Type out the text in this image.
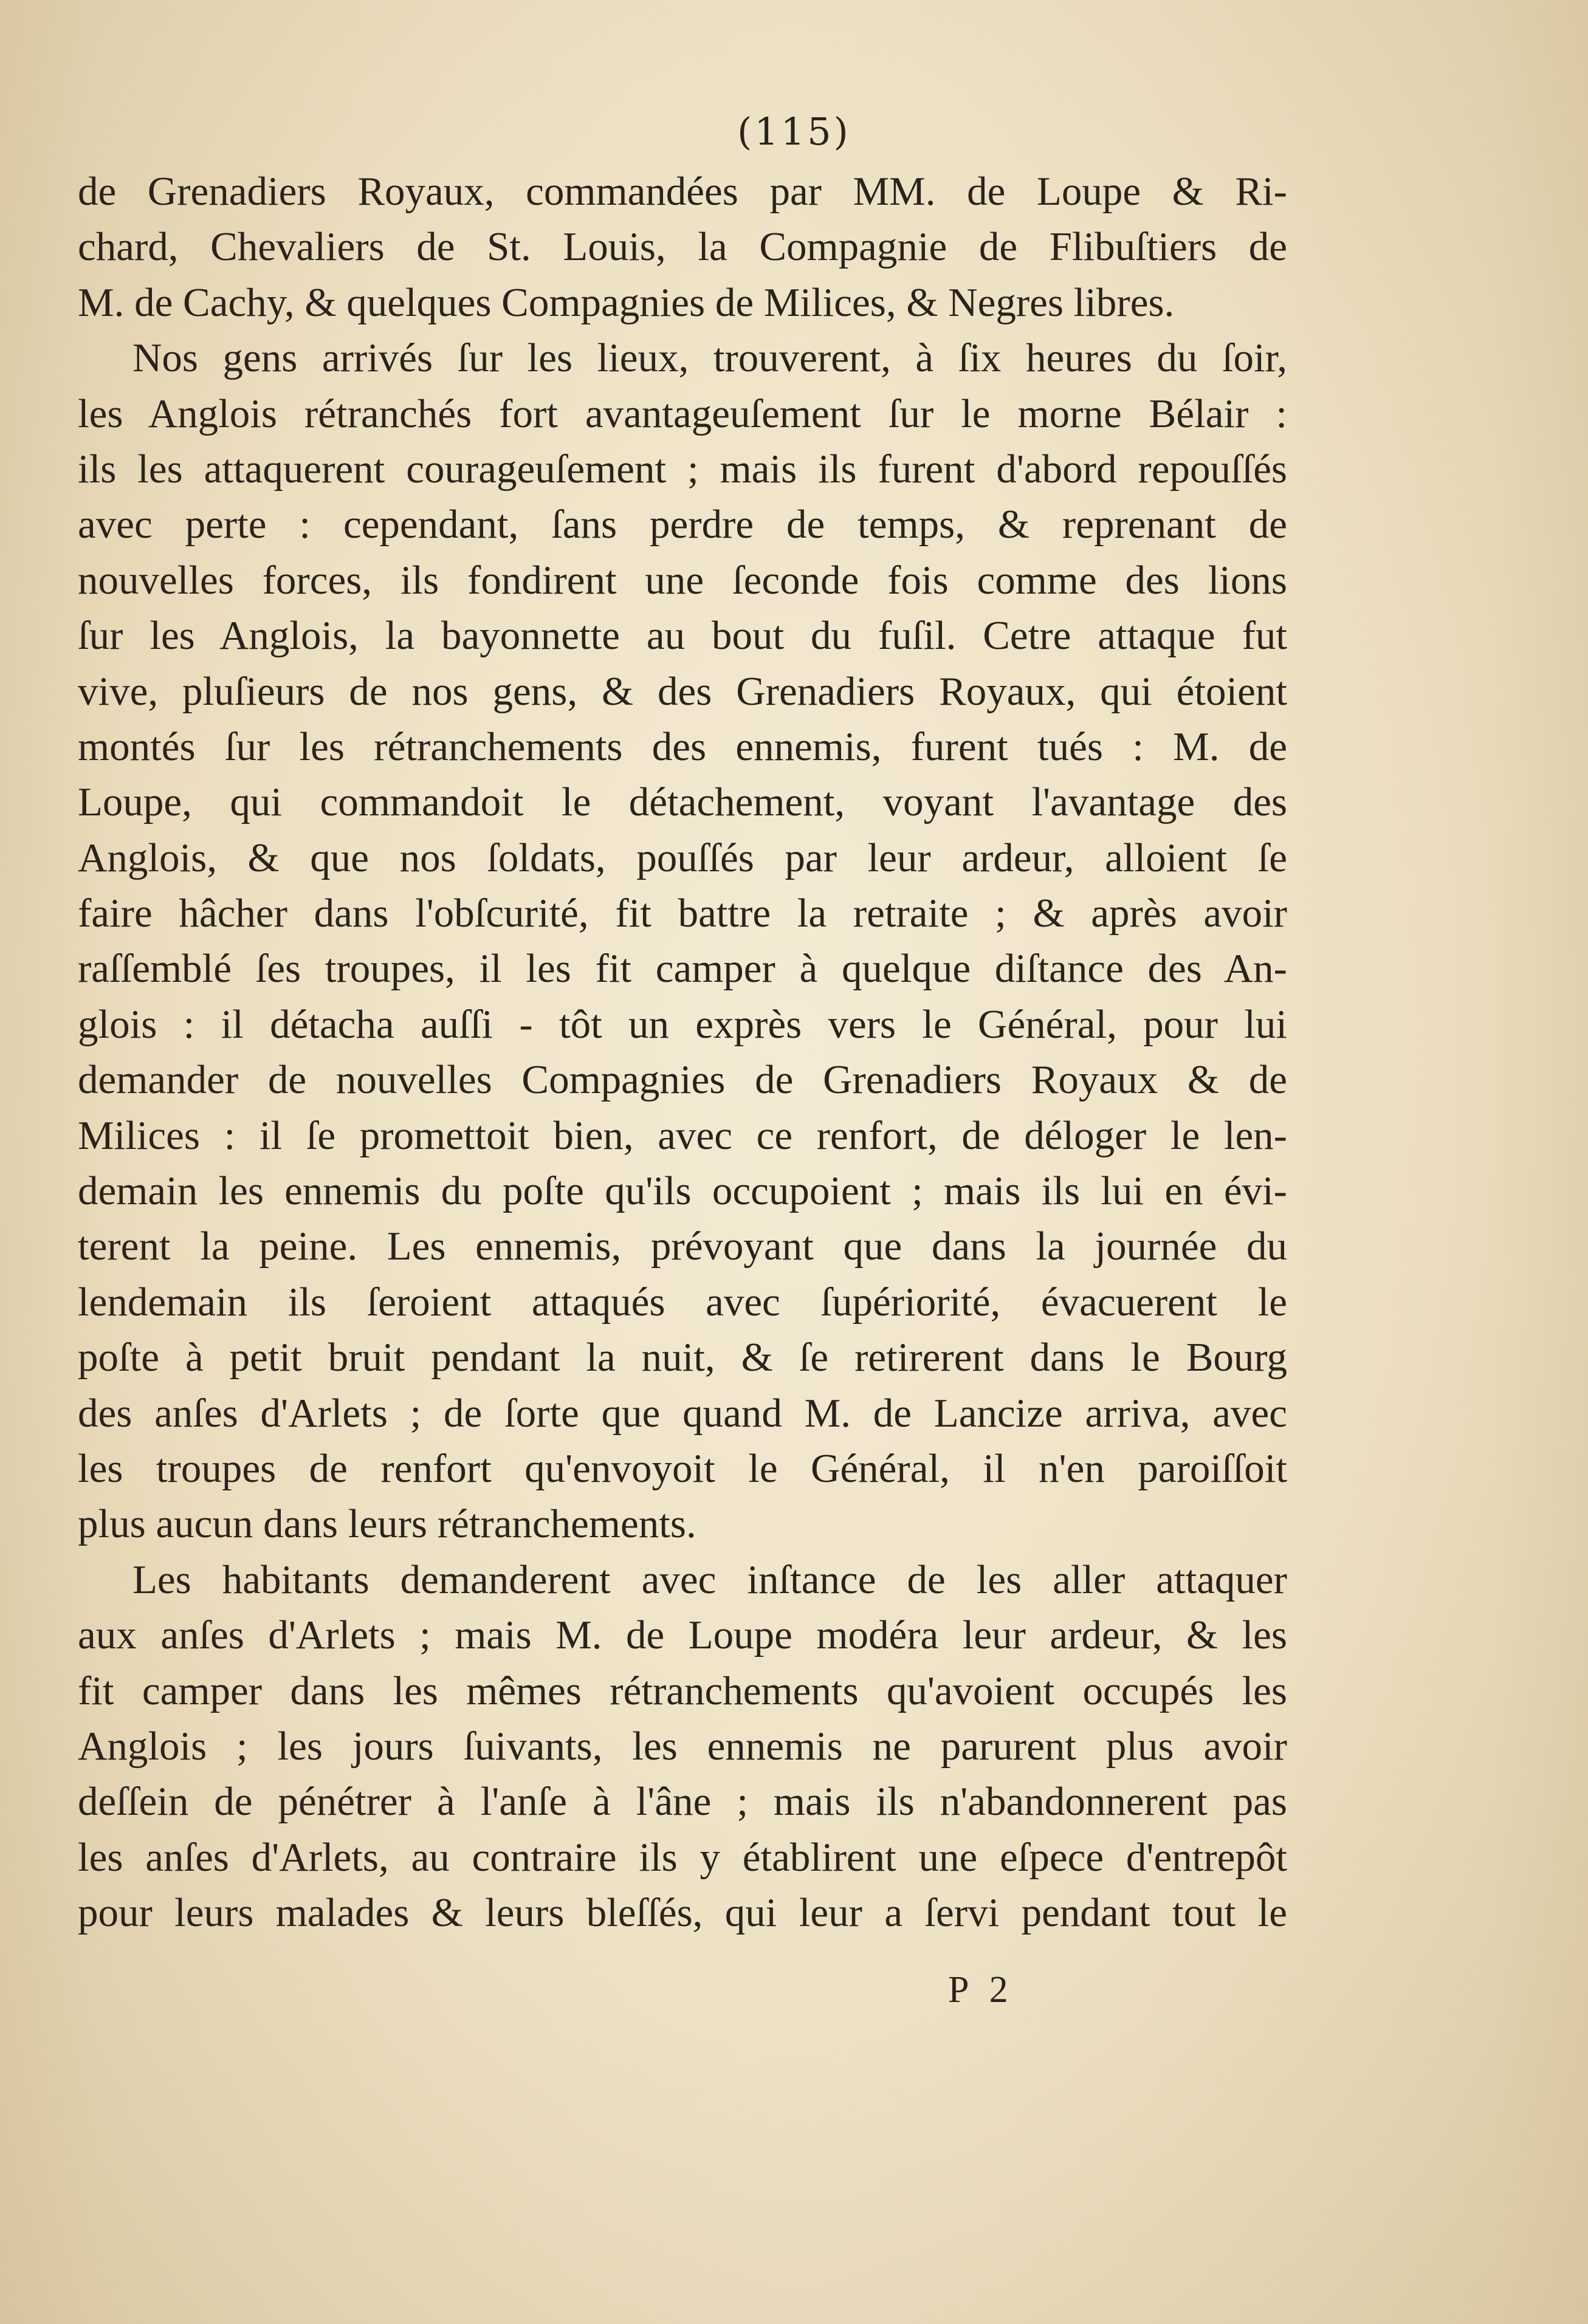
(115)
de Grenadiers Royaux, commandées par MM. de Loupe & Ri-
chard, Chevaliers de St. Louis, la Compagnie de Flibuſtiers de
M. de Cachy, & quelques Compagnies de Milices, & Negres libres.
Nos gens arrivés ſur les lieux, trouverent, à ſix heures du ſoir,
les Anglois rétranchés fort avantageuſement ſur le morne Bélair :
ils les attaquerent courageuſement ; mais ils furent d'abord repouſſés
avec perte : cependant, ſans perdre de temps, & reprenant de
nouvelles forces, ils fondirent une ſeconde fois comme des lions
ſur les Anglois, la bayonnette au bout du fuſil. Cetre attaque fut
vive, pluſieurs de nos gens, & des Grenadiers Royaux, qui étoient
montés ſur les rétranchements des ennemis, furent tués : M. de
Loupe, qui commandoit le détachement, voyant l'avantage des
Anglois, & que nos ſoldats, pouſſés par leur ardeur, alloient ſe
faire hâcher dans l'obſcurité, fit battre la retraite ; & après avoir
raſſemblé ſes troupes, il les fit camper à quelque diſtance des An-
glois : il détacha auſſi - tôt un exprès vers le Général, pour lui
demander de nouvelles Compagnies de Grenadiers Royaux & de
Milices : il ſe promettoit bien, avec ce renfort, de déloger le len-
demain les ennemis du poſte qu'ils occupoient ; mais ils lui en évi-
terent la peine. Les ennemis, prévoyant que dans la journée du
lendemain ils ſeroient attaqués avec ſupériorité, évacuerent le
poſte à petit bruit pendant la nuit, & ſe retirerent dans le Bourg
des anſes d'Arlets ; de ſorte que quand M. de Lancize arriva, avec
les troupes de renfort qu'envoyoit le Général, il n'en paroiſſoit
plus aucun dans leurs rétranchements.
Les habitants demanderent avec inſtance de les aller attaquer
aux anſes d'Arlets ; mais M. de Loupe modéra leur ardeur, & les
fit camper dans les mêmes rétranchements qu'avoient occupés les
Anglois ; les jours ſuivants, les ennemis ne parurent plus avoir
deſſein de pénétrer à l'anſe à l'âne ; mais ils n'abandonnerent pas
les anſes d'Arlets, au contraire ils y établirent une eſpece d'entrepôt
pour leurs malades & leurs bleſſés, qui leur a ſervi pendant tout le
P 2
